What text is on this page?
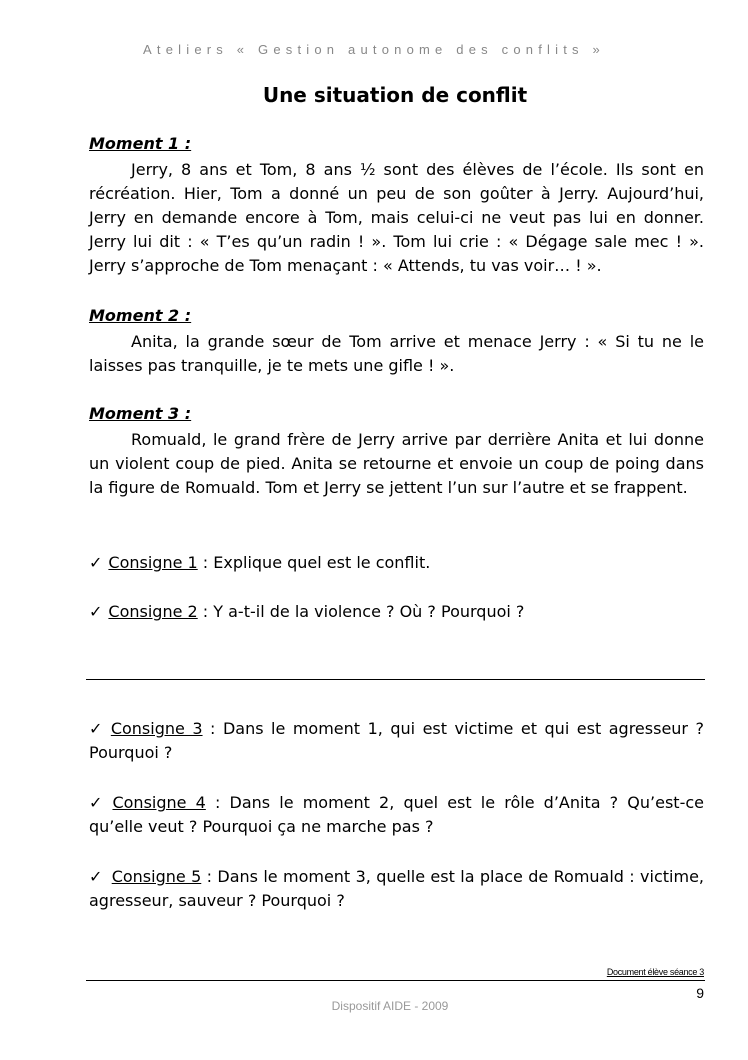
Ateliers « Gestion autonome des conflits »
Une situation de conflit
Moment 1 :
Jerry, 8 ans et Tom, 8 ans ½ sont des élèves de l’école. Ils sont en récréation. Hier, Tom a donné un peu de son goûter à Jerry. Aujourd’hui, Jerry en demande encore à Tom, mais celui-ci ne veut pas lui en donner. Jerry lui dit : « T’es qu’un radin ! ». Tom lui crie : « Dégage sale mec ! ». Jerry s’approche de Tom menaçant : « Attends, tu vas voir… ! ».
Moment 2 :
Anita, la grande sœur de Tom arrive et menace Jerry : « Si tu ne le laisses pas tranquille, je te mets une gifle ! ».
Moment 3 :
Romuald, le grand frère de Jerry arrive par derrière Anita et lui donne un violent coup de pied. Anita se retourne et envoie un coup de poing dans la figure de Romuald. Tom et Jerry se jettent l’un sur l’autre et se frappent.
✓ Consigne 1 : Explique quel est le conflit.
✓ Consigne 2 : Y a-t-il de la violence ? Où ? Pourquoi ?
✓ Consigne 3 : Dans le moment 1, qui est victime et qui est agresseur ? Pourquoi ?
✓ Consigne 4 : Dans le moment 2, quel est le rôle d’Anita ? Qu’est-ce qu’elle veut ? Pourquoi ça ne marche pas ?
✓ Consigne 5 : Dans le moment 3, quelle est la place de Romuald : victime, agresseur, sauveur ? Pourquoi ?
Document élève séance 3
9
Dispositif AIDE - 2009
